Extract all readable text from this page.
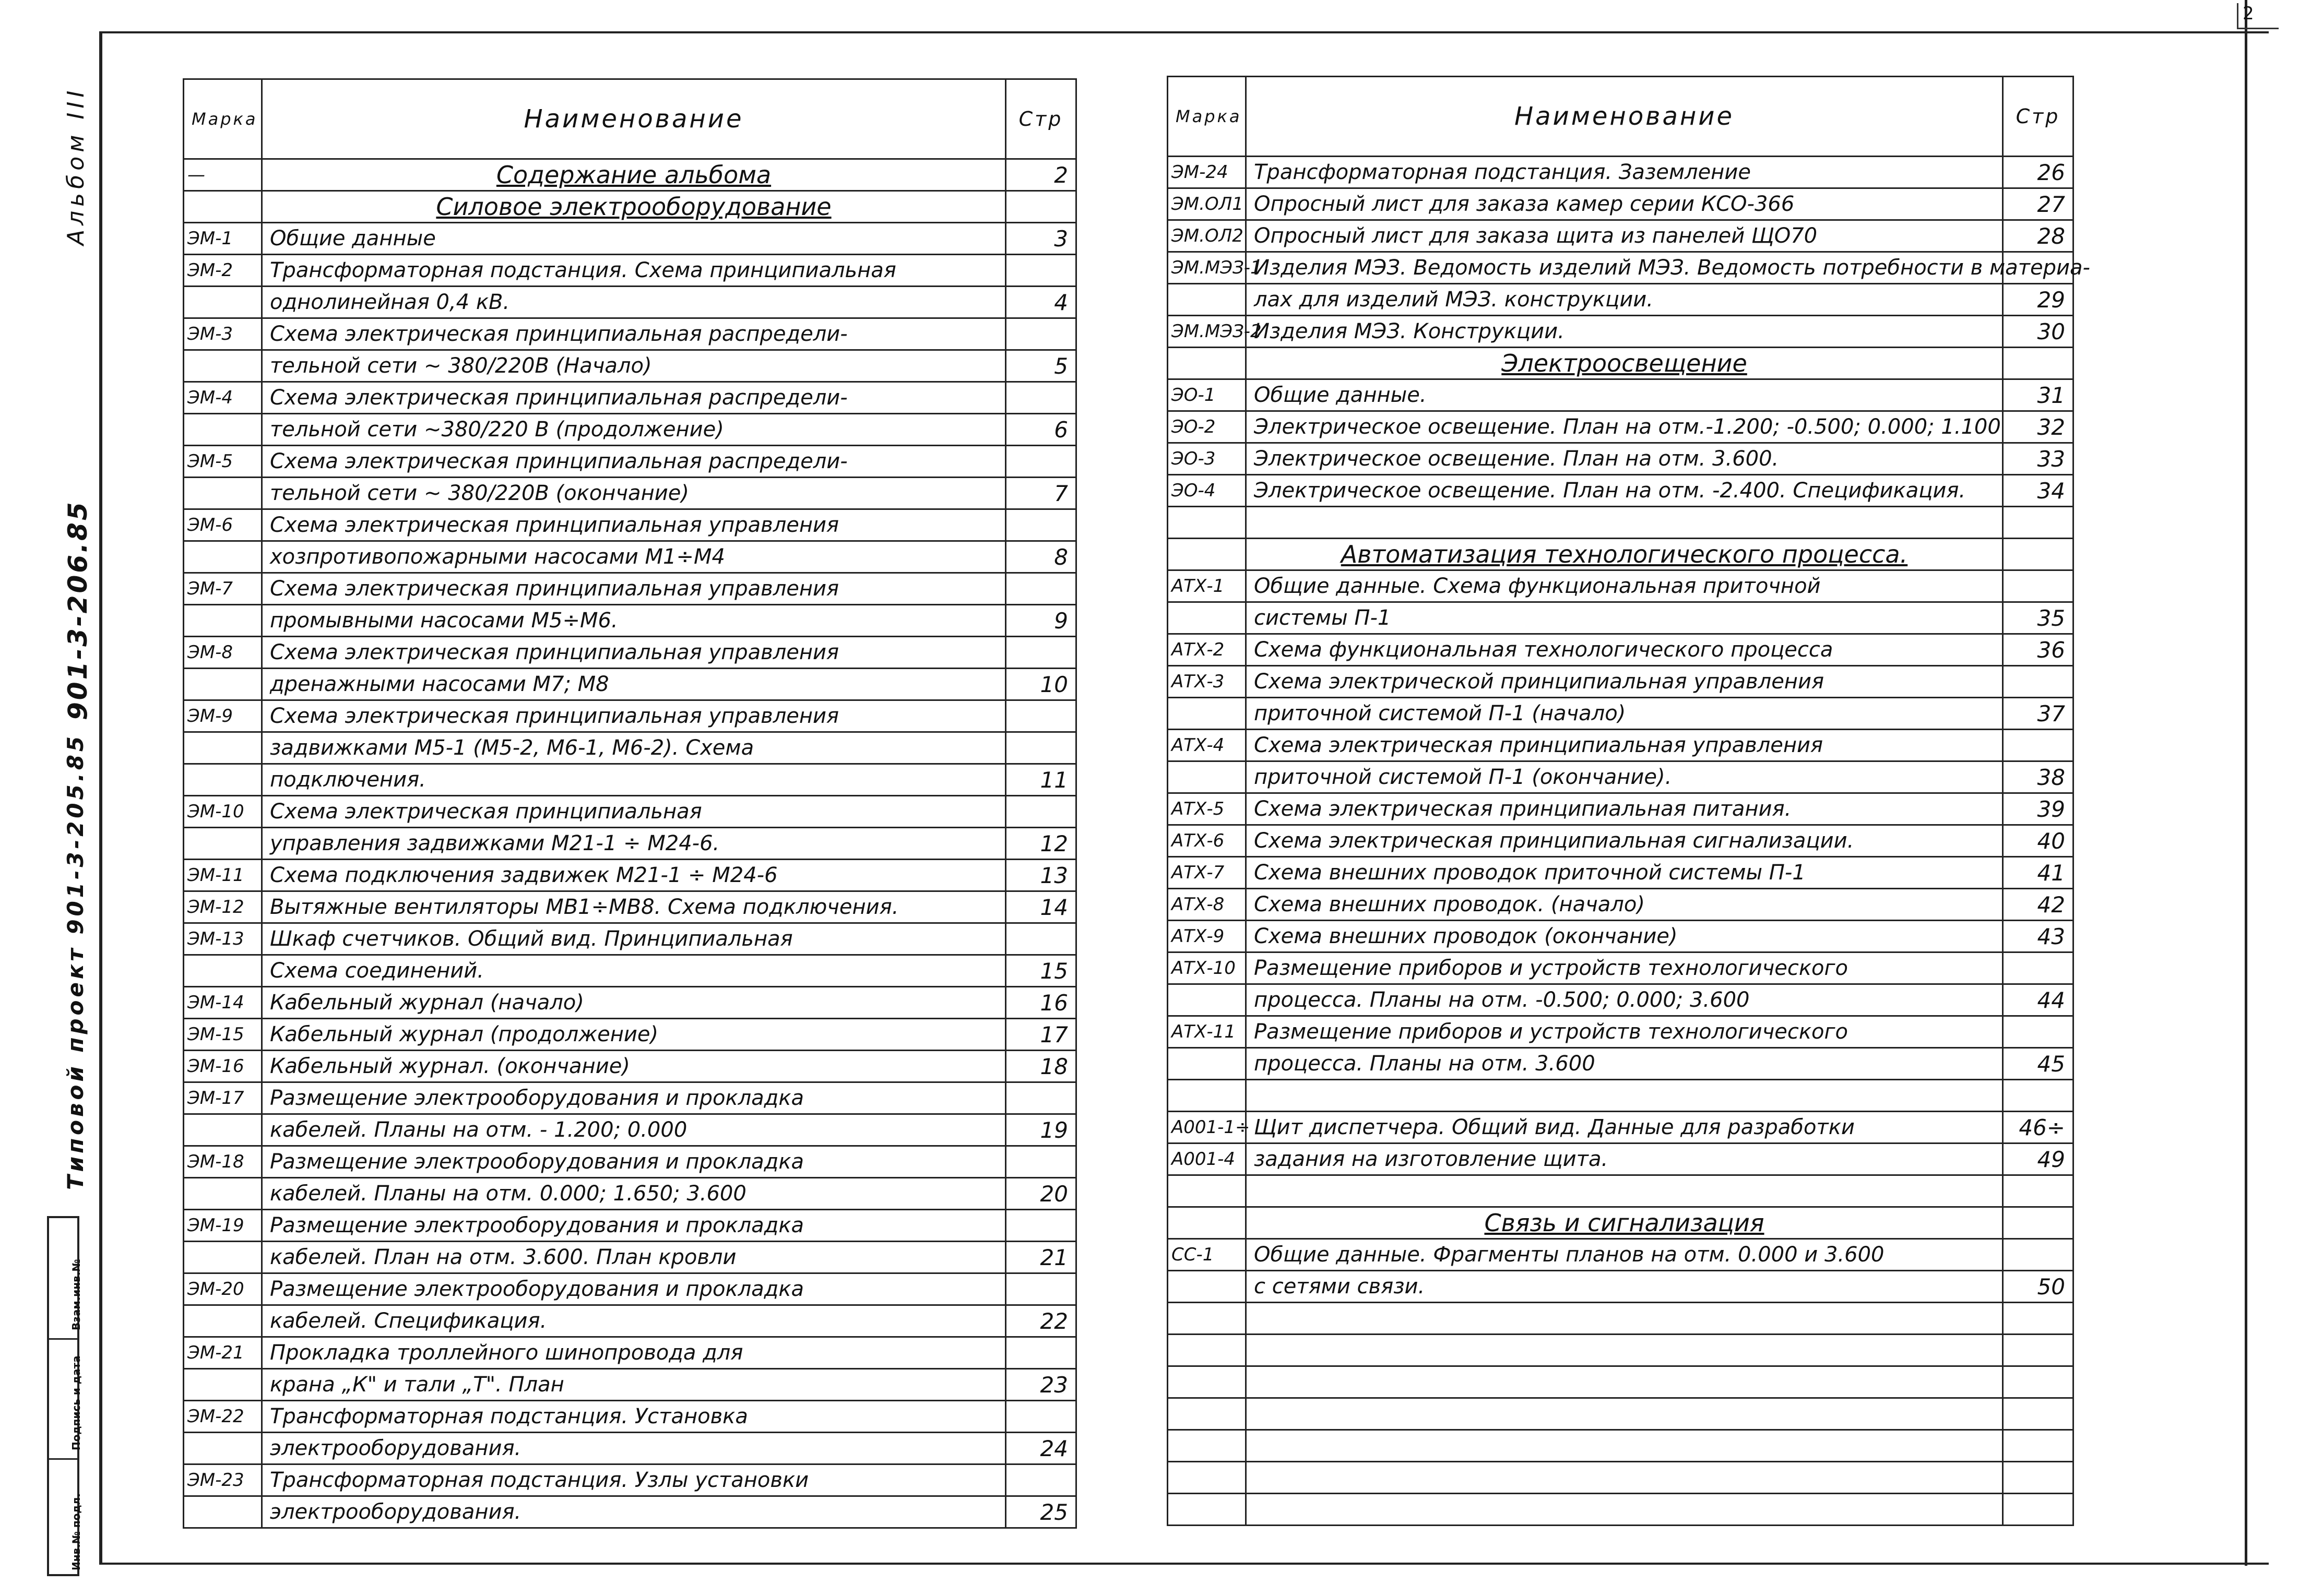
2
Альбом III
901-3-206.85
Типовой проект 901-3-205.85
Взам.инв.№
Подпись и дата
Инв.№ подл.
Марка	Наименование	Стр
—	Содержание альбома	2
	Силовое электрооборудование	
ЭМ-1	Общие данные	3
ЭМ-2	Трансформаторная подстанция. Схема принципиальная	
	однолинейная 0,4 кВ.	4
ЭМ-3	Схема электрическая принципиальная распредели-	
	тельной сети ~ 380/220В (Начало)	5
ЭМ-4	Схема электрическая принципиальная распредели-	
	тельной сети ~380/220 В (продолжение)	6
ЭМ-5	Схема электрическая принципиальная распредели-	
	тельной сети ~ 380/220В (окончание)	7
ЭМ-6	Схема электрическая принципиальная управления	
	хозпротивопожарными насосами М1÷М4	8
ЭМ-7	Схема электрическая принципиальная управления	
	промывными насосами М5÷М6.	9
ЭМ-8	Схема электрическая принципиальная управления	
	дренажными насосами М7; М8	10
ЭМ-9	Схема электрическая принципиальная управления	
	задвижками М5-1 (М5-2, М6-1, М6-2). Схема	
	подключения.	11
ЭМ-10	Схема электрическая принципиальная	
	управления задвижками М21-1 ÷ М24-6.	12
ЭМ-11	Схема подключения задвижек М21-1 ÷ М24-6	13
ЭМ-12	Вытяжные вентиляторы МВ1÷МВ8. Схема подключения.	14
ЭМ-13	Шкаф счетчиков. Общий вид. Принципиальная	
	Схема соединений.	15
ЭМ-14	Кабельный журнал (начало)	16
ЭМ-15	Кабельный журнал (продолжение)	17
ЭМ-16	Кабельный журнал. (окончание)	18
ЭМ-17	Размещение электрооборудования и прокладка	
	кабелей. Планы на отм. - 1.200; 0.000	19
ЭМ-18	Размещение электрооборудования и прокладка	
	кабелей. Планы на отм. 0.000; 1.650; 3.600	20
ЭМ-19	Размещение электрооборудования и прокладка	
	кабелей. План на отм. 3.600. План кровли	21
ЭМ-20	Размещение электрооборудования и прокладка	
	кабелей. Спецификация.	22
ЭМ-21	Прокладка троллейного шинопровода для	
	крана „К" и тали „Т". План	23
ЭМ-22	Трансформаторная подстанция. Установка	
	электрооборудования.	24
ЭМ-23	Трансформаторная подстанция. Узлы установки	
	электрооборудования.	25
Марка	Наименование	Стр
ЭМ-24	Трансформаторная подстанция. Заземление	26
ЭМ.ОЛ1	Опросный лист для заказа камер серии КСО-366	27
ЭМ.ОЛ2	Опросный лист для заказа щита из панелей ЩО70	28
ЭМ.МЭЗ-1	Изделия МЭЗ. Ведомость изделий МЭЗ. Ведомость потребности в материа-	
	лах для изделий МЭЗ. конструкции.	29
ЭМ.МЭЗ-2	Изделия МЭЗ. Конструкции.	30
	Электроосвещение	
ЭО-1	Общие данные.	31
ЭО-2	Электрическое освещение. План на отм.-1.200; -0.500; 0.000; 1.100	32
ЭО-3	Электрическое освещение. План на отм. 3.600.	33
ЭО-4	Электрическое освещение. План на отм. -2.400. Спецификация.	34

	Автоматизация технологического процесса.	
АТХ-1	Общие данные. Схема функциональная приточной	
	системы П-1	35
АТХ-2	Схема функциональная технологического процесса	36
АТХ-3	Схема электрической принципиальная управления	
	приточной системой П-1 (начало)	37
АТХ-4	Схема электрическая принципиальная управления	
	приточной системой П-1 (окончание).	38
АТХ-5	Схема электрическая принципиальная питания.	39
АТХ-6	Схема электрическая принципиальная сигнализации.	40
АТХ-7	Схема внешних проводок приточной системы П-1	41
АТХ-8	Схема внешних проводок. (начало)	42
АТХ-9	Схема внешних проводок (окончание)	43
АТХ-10	Размещение приборов и устройств технологического	
	процесса. Планы на отм. -0.500; 0.000; 3.600	44
АТХ-11	Размещение приборов и устройств технологического	
	процесса. Планы на отм. 3.600	45

А001-1÷	Щит диспетчера. Общий вид. Данные для разработки	46÷
А001-4	задания на изготовление щита.	49

	Связь и сигнализация	
СС-1	Общие данные. Фрагменты планов на отм. 0.000 и 3.600	
	с сетями связи.	50
